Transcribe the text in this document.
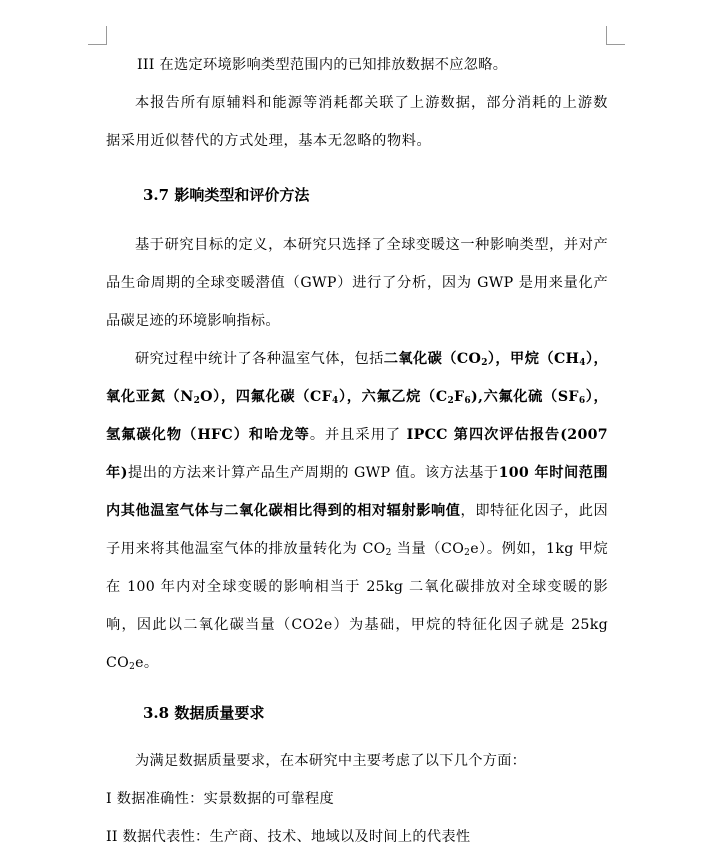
III 在选定环境影响类型范围内的已知排放数据不应忽略。

本报告所有原辅料和能源等消耗都关联了上游数据，部分消耗的上游数据采用近似替代的方式处理，基本无忽略的物料。

3.7 影响类型和评价方法

基于研究目标的定义，本研究只选择了全球变暖这一种影响类型，并对产品生命周期的全球变暖潜值（GWP）进行了分析，因为 GWP 是用来量化产品碳足迹的环境影响指标。

研究过程中统计了各种温室气体，包括二氧化碳$(CO_2)$，甲烷$(CH_4)$，氧化亚氮$(N_2O)$，四氟化碳$(CF_4)$，六氟乙烷$(C_2F_6)$,六氟化硫$(SF_6)$，氢氟碳化物（HFC）和哈龙等。并且采用了 IPCC 第四次评估报告(2007 年)提出的方法来计算产品生产周期的 GWP 值。该方法基于100 年时间范围内其他温室气体与二氧化碳相比得到的相对辐射影响值，即特征化因子，此因子用来将其他温室气体的排放量转化为 $CO_2$ 当量$(CO_2e)$。例如，1kg 甲烷在 100 年内对全球变暖的影响相当于 25kg 二氧化碳排放对全球变暖的影响，因此以二氧化碳当量（CO2e）为基础，甲烷的特征化因子就是 25kg $CO_2e$。

3.8 数据质量要求

为满足数据质量要求，在本研究中主要考虑了以下几个方面：

I 数据准确性：实景数据的可靠程度

II 数据代表性：生产商、技术、地域以及时间上的代表性
